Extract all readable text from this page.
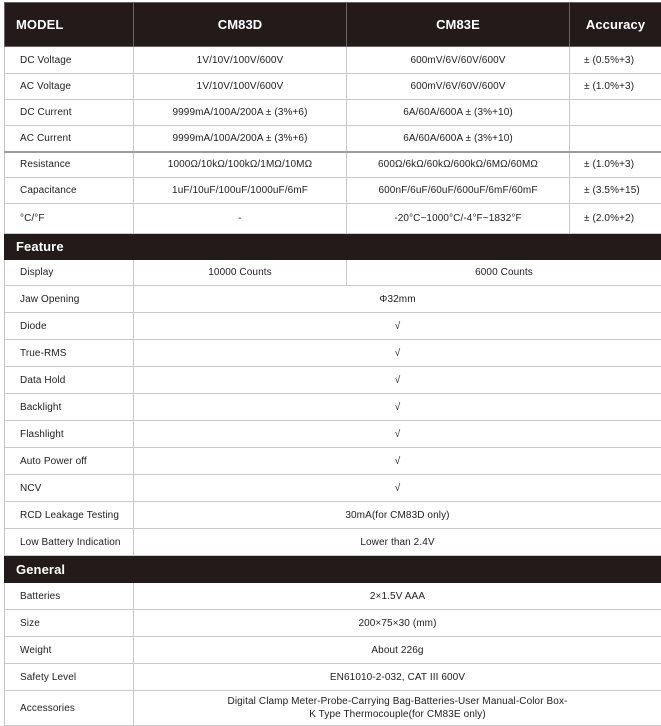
MODEL	CM83D	CM83E	Accuracy
DC Voltage	1V/10V/100V/600V	600mV/6V/60V/600V	± (0.5%+3)
AC Voltage	1V/10V/100V/600V	600mV/6V/60V/600V	± (1.0%+3)
DC Current	9999mA/100A/200A ± (3%+6)	6A/60A/600A ± (3%+10)	
AC Current	9999mA/100A/200A ± (3%+6)	6A/60A/600A ± (3%+10)	
Resistance	1000Ω/10kΩ/100kΩ/1MΩ/10MΩ	600Ω/6kΩ/60kΩ/600kΩ/6MΩ/60MΩ	± (1.0%+3)
Capacitance	1uF/10uF/100uF/1000uF/6mF	600nF/6uF/60uF/600uF/6mF/60mF	± (3.5%+15)
°C/°F	-	-20°C~1000°C/-4°F~1832°F	± (2.0%+2)
Feature			
Display	10000 Counts	6000 Counts	
Jaw Opening	Φ32mm		
Diode	√		
True-RMS	√		
Data Hold	√		
Backlight	√		
Flashlight	√		
Auto Power off	√		
NCV	√		
RCD Leakage Testing	30mA(for CM83D only)		
Low Battery Indication	Lower than 2.4V		
General			
Batteries	2×1.5V AAA		
Size	200×75×30 (mm)		
Weight	About 226g		
Safety Level	EN61010-2-032, CAT III 600V		
Accessories	Digital Clamp Meter-Probe-Carrying Bag-Batteries-User Manual-Color Box-
K Type Thermocouple(for CM83E only)		
